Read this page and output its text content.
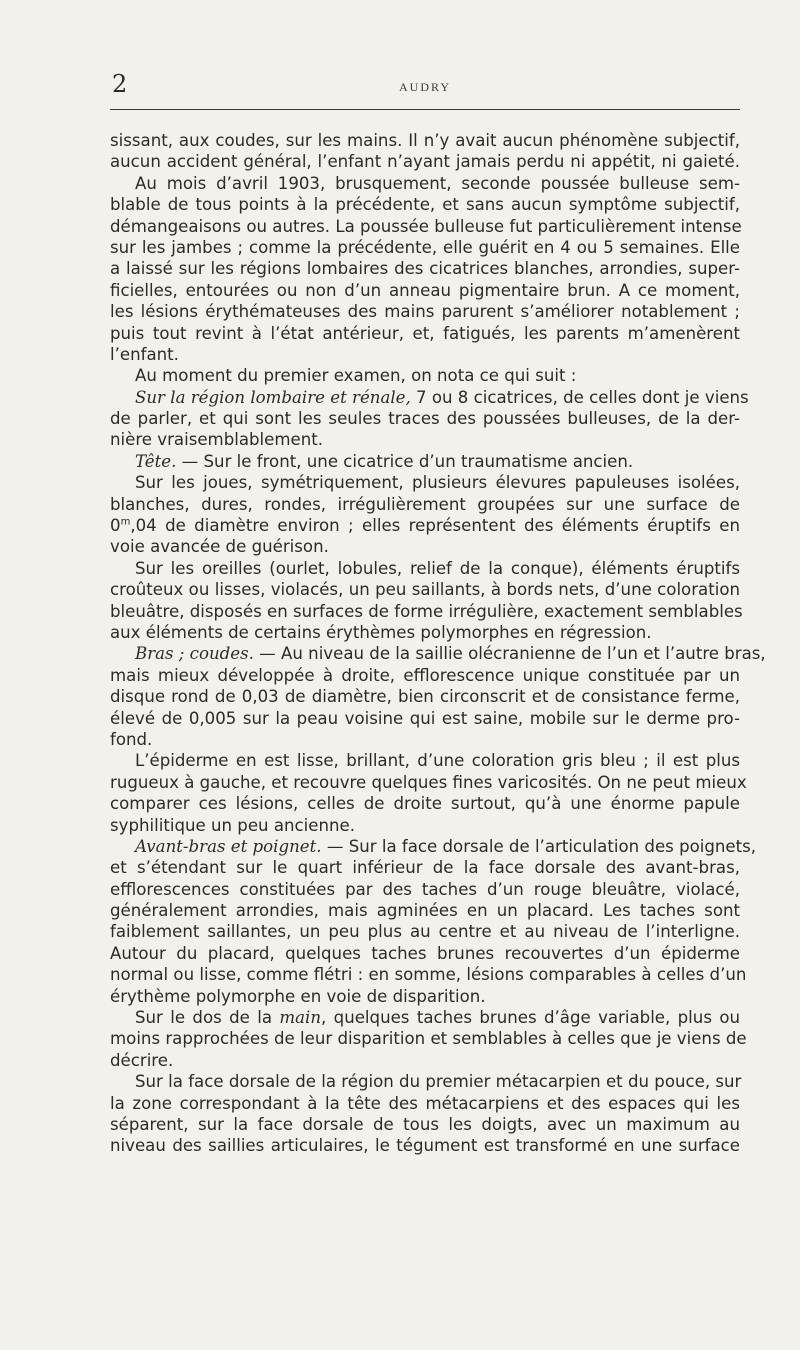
2	AUDRY
sissant, aux coudes, sur les mains. Il n’y avait aucun phénomène subjectif,
aucun accident général, l’enfant n’ayant jamais perdu ni appétit, ni gaieté.
Au mois d’avril 1903, brusquement, seconde poussée bulleuse sem-
blable de tous points à la précédente, et sans aucun symptôme subjectif,
démangeaisons ou autres. La poussée bulleuse fut particulièrement intense
sur les jambes ; comme la précédente, elle guérit en 4 ou 5 semaines. Elle
a laissé sur les régions lombaires des cicatrices blanches, arrondies, super-
ficielles, entourées ou non d’un anneau pigmentaire brun. A ce moment,
les lésions érythémateuses des mains parurent s’améliorer notablement ;
puis tout revint à l’état antérieur, et, fatigués, les parents m’amenèrent
l’enfant.
Au moment du premier examen, on nota ce qui suit :
Sur la région lombaire et rénale, 7 ou 8 cicatrices, de celles dont je viens
de parler, et qui sont les seules traces des poussées bulleuses, de la der-
nière vraisemblablement.
Tête. — Sur le front, une cicatrice d’un traumatisme ancien.
Sur les joues, symétriquement, plusieurs élevures papuleuses isolées,
blanches, dures, rondes, irrégulièrement groupées sur une surface de
0$^m$,04 de diamètre environ ; elles représentent des éléments éruptifs en
voie avancée de guérison.
Sur les oreilles (ourlet, lobules, relief de la conque), éléments éruptifs
croûteux ou lisses, violacés, un peu saillants, à bords nets, d’une coloration
bleuâtre, disposés en surfaces de forme irrégulière, exactement semblables
aux éléments de certains érythèmes polymorphes en régression.
Bras ; coudes. — Au niveau de la saillie olécranienne de l’un et l’autre bras,
mais mieux développée à droite, efflorescence unique constituée par un
disque rond de 0,03 de diamètre, bien circonscrit et de consistance ferme,
élevé de 0,005 sur la peau voisine qui est saine, mobile sur le derme pro-
fond.
L’épiderme en est lisse, brillant, d’une coloration gris bleu ; il est plus
rugueux à gauche, et recouvre quelques fines varicosités. On ne peut mieux
comparer ces lésions, celles de droite surtout, qu’à une énorme papule
syphilitique un peu ancienne.
Avant-bras et poignet. — Sur la face dorsale de l’articulation des poignets,
et s’étendant sur le quart inférieur de la face dorsale des avant-bras,
efflorescences constituées par des taches d’un rouge bleuâtre, violacé,
généralement arrondies, mais agminées en un placard. Les taches sont
faiblement saillantes, un peu plus au centre et au niveau de l’interligne.
Autour du placard, quelques taches brunes recouvertes d’un épiderme
normal ou lisse, comme flétri : en somme, lésions comparables à celles d’un
érythème polymorphe en voie de disparition.
Sur le dos de la main, quelques taches brunes d’âge variable, plus ou
moins rapprochées de leur disparition et semblables à celles que je viens de
décrire.
Sur la face dorsale de la région du premier métacarpien et du pouce, sur
la zone correspondant à la tête des métacarpiens et des espaces qui les
séparent, sur la face dorsale de tous les doigts, avec un maximum au
niveau des saillies articulaires, le tégument est transformé en une surface
